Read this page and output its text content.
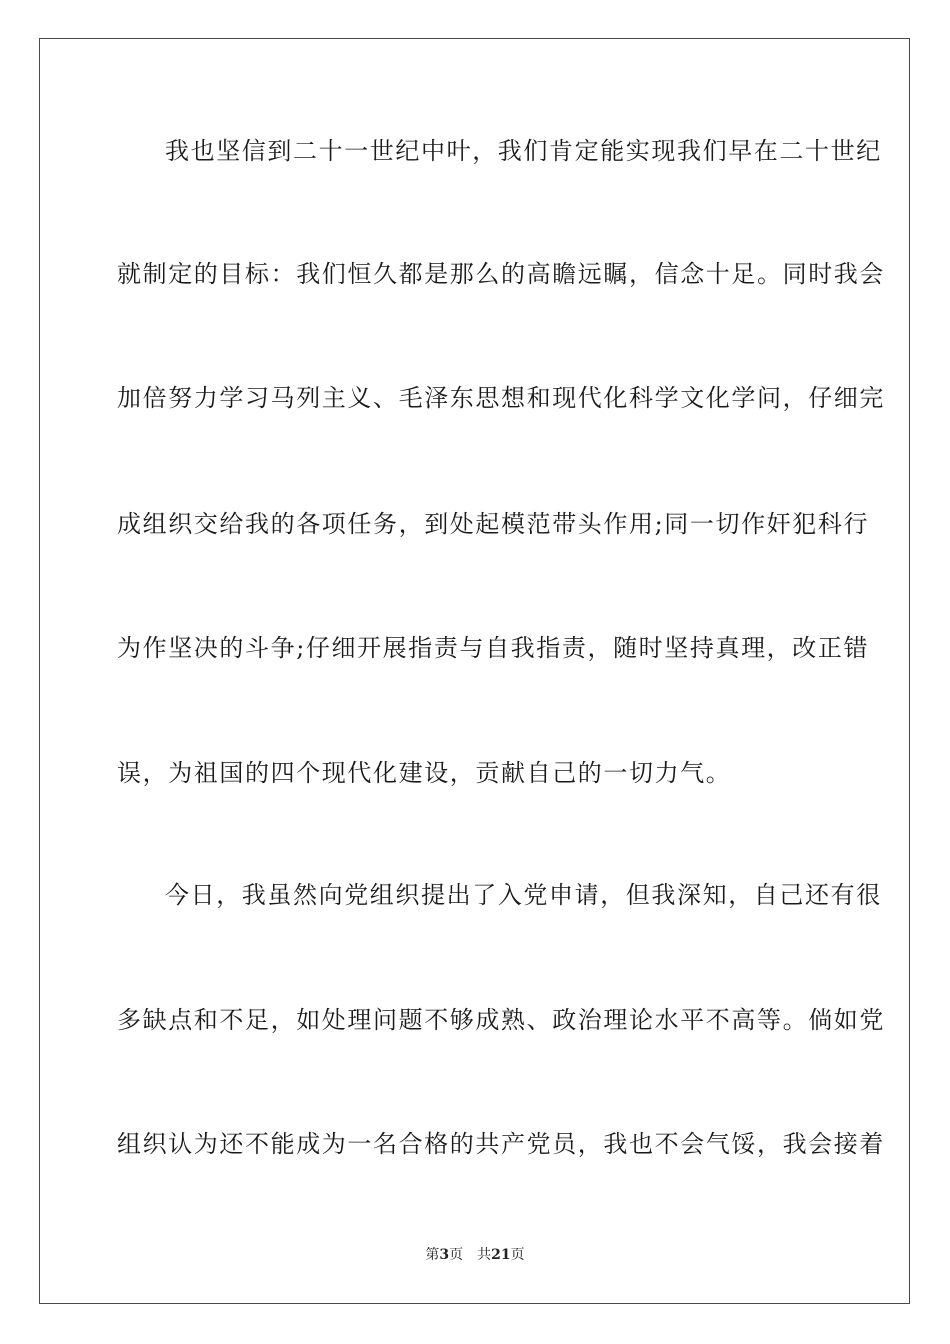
我也坚信到二十一世纪中叶，我们肯定能实现我们早在二十世纪
就制定的目标：我们恒久都是那么的高瞻远瞩，信念十足。同时我会
加倍努力学习马列主义、毛泽东思想和现代化科学文化学问，仔细完
成组织交给我的各项任务，到处起模范带头作用;同一切作奸犯科行
为作坚决的斗争;仔细开展指责与自我指责，随时坚持真理，改正错
误，为祖国的四个现代化建设，贡献自己的一切力气。
今日，我虽然向党组织提出了入党申请，但我深知，自己还有很
多缺点和不足，如处理问题不够成熟、政治理论水平不高等。倘如党
组织认为还不能成为一名合格的共产党员，我也不会气馁，我会接着
第3页 共21页
